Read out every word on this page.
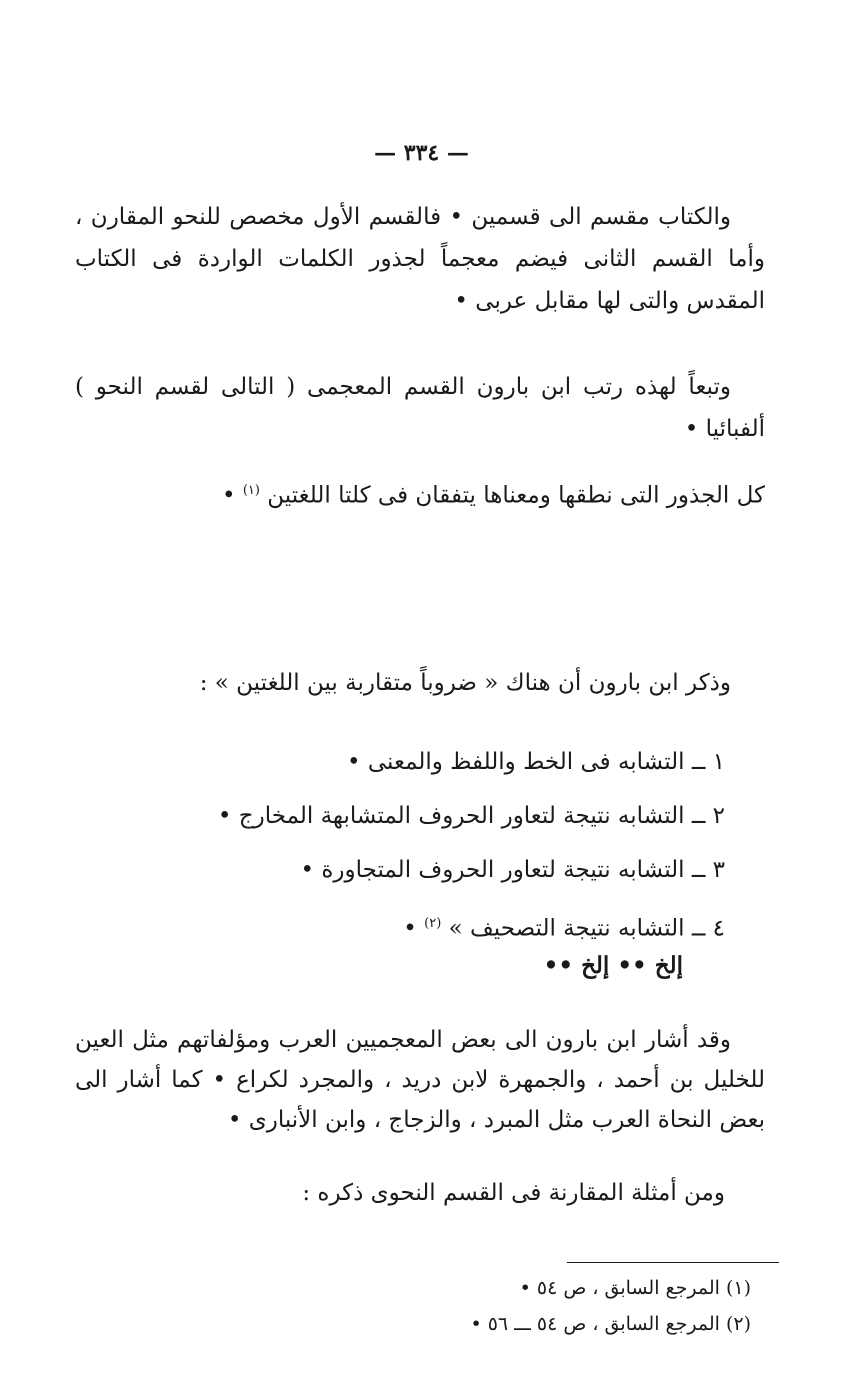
— ٣٣٤ —
والكتاب مقسم الى قسمين • فالقسم الأول مخصص للنحو المقارن ، وأما القسم الثانى فيضم معجماً لجذور الكلمات الواردة فى الكتاب المقدس والتى لها مقابل عربى •
وتبعاً لهذه رتب ابن بارون القسم المعجمى ( التالى لقسم النحو ) ألفبائيا •
كل الجذور التى نطقها ومعناها يتفقان فى كلتا اللغتين $^{(١)}$ •
وذكر ابن بارون أن هناك « ضروباً متقاربة بين اللغتين » :
١ ــ التشابه فى الخط واللفظ والمعنى •
٢ ــ التشابه نتيجة لتعاور الحروف المتشابهة المخارج •
٣ ــ التشابه نتيجة لتعاور الحروف المتجاورة •
٤ ــ التشابه نتيجة التصحيف » $^{(٢)}$ •
إلخ •• إلخ ••
وقد أشار ابن بارون الى بعض المعجميين العرب ومؤلفاتهم مثل العين للخليل بن أحمد ، والجمهرة لابن دريد ، والمجرد لكراع • كما أشار الى بعض النحاة العرب مثل المبرد ، والزجاج ، وابن الأنبارى •
ومن أمثلة المقارنة فى القسم النحوى ذكره :
(١) المرجع السابق ، ص ٥٤ •
(٢) المرجع السابق ، ص ٥٤ ـــ ٥٦ •
